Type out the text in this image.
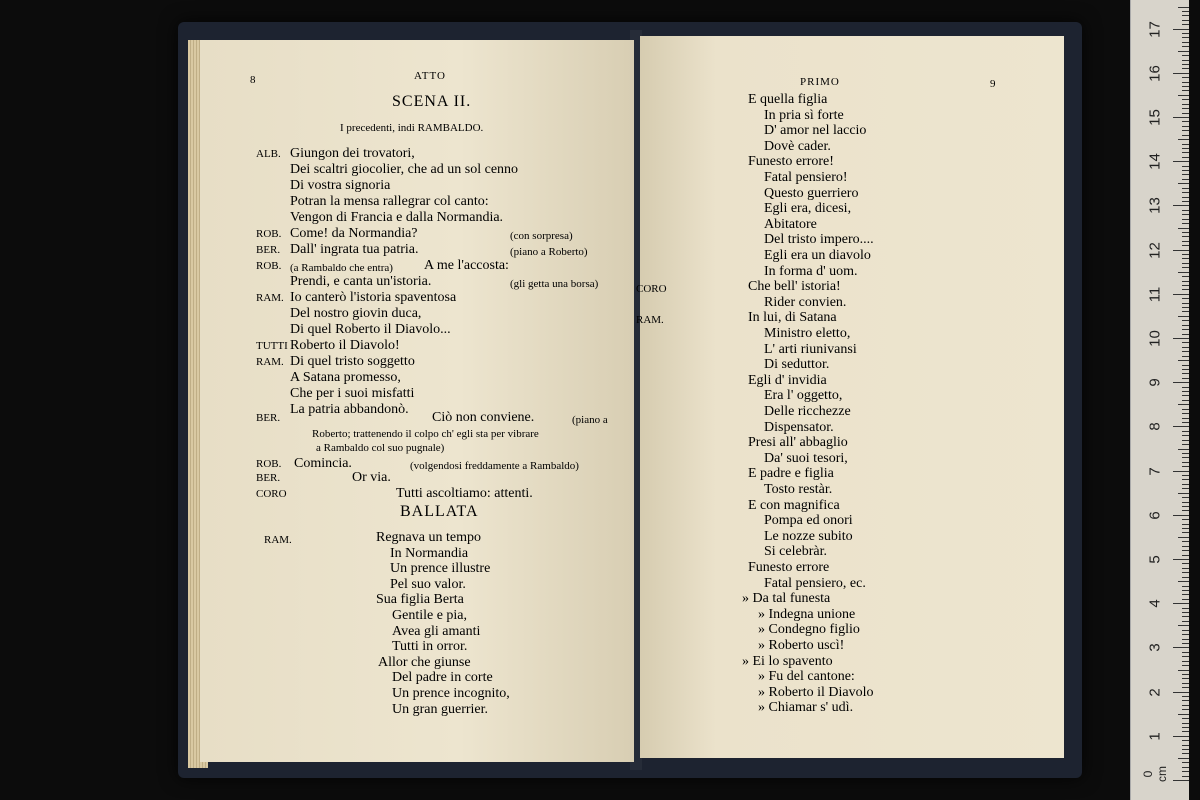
8	ATTO
SCENA II.
I precedenti, indi RAMBALDO.
ALB. Giungon dei trovatori,
Dei scaltri giocolier, che ad un sol cenno
Di vostra signoria
Potran la mensa rallegrar col canto:
Vengon di Francia e dalla Normandia.
ROB. Come! da Normandia?	(con sorpresa)
BER. Dall' ingrata tua patria.	(piano a Roberto)
ROB. (a Rambaldo che entra) A me l'accosta:
Prendi, e canta un'istoria.	(gli getta una borsa)
RAM. Io canterò l'istoria spaventosa
Del nostro giovin duca,
Di quel Roberto il Diavolo...
TUTTI Roberto il Diavolo!
RAM. Di quel tristo soggetto
A Satana promesso,
Che per i suoi misfatti
La patria abbandonò.
BER.	Ciò non conviene.	(piano a
Roberto; trattenendo il colpo ch' egli sta per vibrare
a Rambaldo col suo pugnale)
ROB. Comincia.	(volgendosi freddamente a Rambaldo)
BER.	Or via.
CORO	Tutti ascoltiamo: attenti.
BALLATA
RAM.	Regnava un tempo
In Normandia
Un prence illustre
Pel suo valor.
Sua figlia Berta
Gentile e pia,
Avea gli amanti
Tutti in orror.
Allor che giunse
Del padre in corte
Un prence incognito,
Un gran guerrier.
PRIMO	9
E quella figlia
In pria sì forte
D' amor nel laccio
Dovè cader.
Funesto errore!
Fatal pensiero!
Questo guerriero
Egli era, dicesi,
Abitatore
Del tristo impero....
Egli era un diavolo
In forma d' uom.
CORO	Che bell' istoria!
Rider convien.
RAM.	In lui, di Satana
Ministro eletto,
L' arti riunivansi
Di seduttor.
Egli d' invidia
Era l' oggetto,
Delle ricchezze
Dispensator.
Presi all' abbaglio
Da' suoi tesori,
E padre e figlia
Tosto restàr.
E con magnifica
Pompa ed onori
Le nozze subito
Si celebràr.
Funesto errore
Fatal pensiero, ec.
» Da tal funesta
» Indegna unione
» Condegno figlio
» Roberto uscì!
» Ei lo spavento
» Fu del cantone:
» Roberto il Diavolo
» Chiamar s' udì.
0 cm
1
2
3
4
5
6
7
8
9
10
11
12
13
14
15
16
17
